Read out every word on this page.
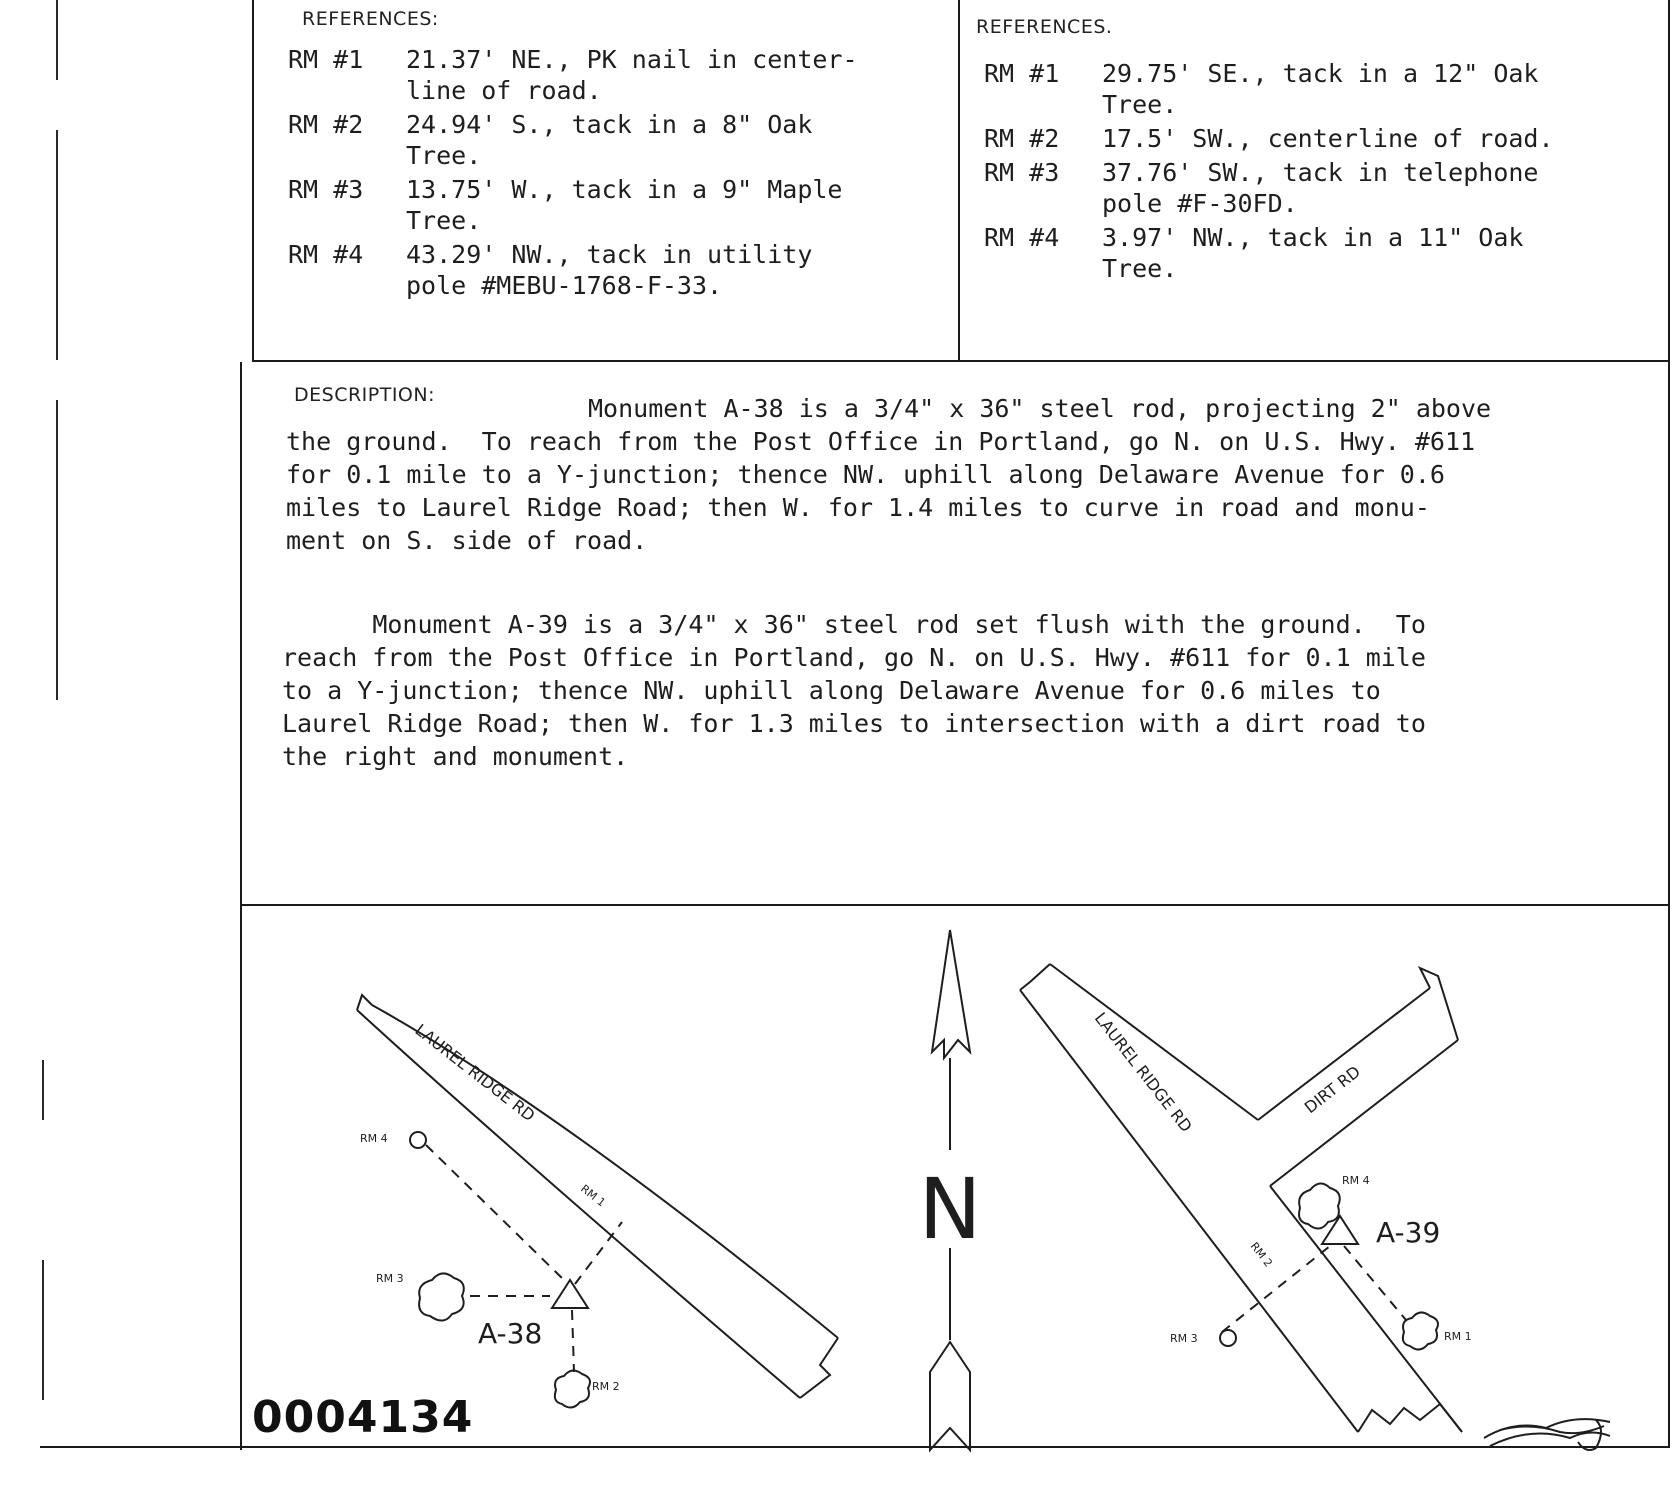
REFERENCES:
RM #1	21.37' NE., PK nail in center-
line of road.
RM #2	24.94' S., tack in a 8" Oak
Tree.
RM #3	13.75' W., tack in a 9" Maple
Tree.
RM #4	43.29' NW., tack in utility
pole #MEBU-1768-F-33.
REFERENCES.
RM #1	29.75' SE., tack in a 12" Oak
Tree.
RM #2	17.5' SW., centerline of road.
RM #3	37.76' SW., tack in telephone
pole #F-30FD.
RM #4	3.97' NW., tack in a 11" Oak
Tree.
DESCRIPTION:	Monument A-38 is a 3/4" x 36" steel rod, projecting 2" above

the ground.  To reach from the Post Office in Portland, go N. on U.S. Hwy. #611
for 0.1 mile to a Y-junction; thence NW. uphill along Delaware Avenue for 0.6
miles to Laurel Ridge Road; then W. for 1.4 miles to curve in road and monu-
ment on S. side of road.

Monument A-39 is a 3/4" x 36" steel rod set flush with the ground.  To
reach from the Post Office in Portland, go N. on U.S. Hwy. #611 for 0.1 mile
to a Y-junction; thence NW. uphill along Delaware Avenue for 0.6 miles to
Laurel Ridge Road; then W. for 1.3 miles to intersection with a dirt road to
the right and monument.

LAUREL RIDGE RD
A-38
RM 1
RM 2
RM 3
RM 4
N
LAUREL RIDGE RD	DIRT RD
A-39
RM 1
RM 2
RM 3
RM 4
0004134
